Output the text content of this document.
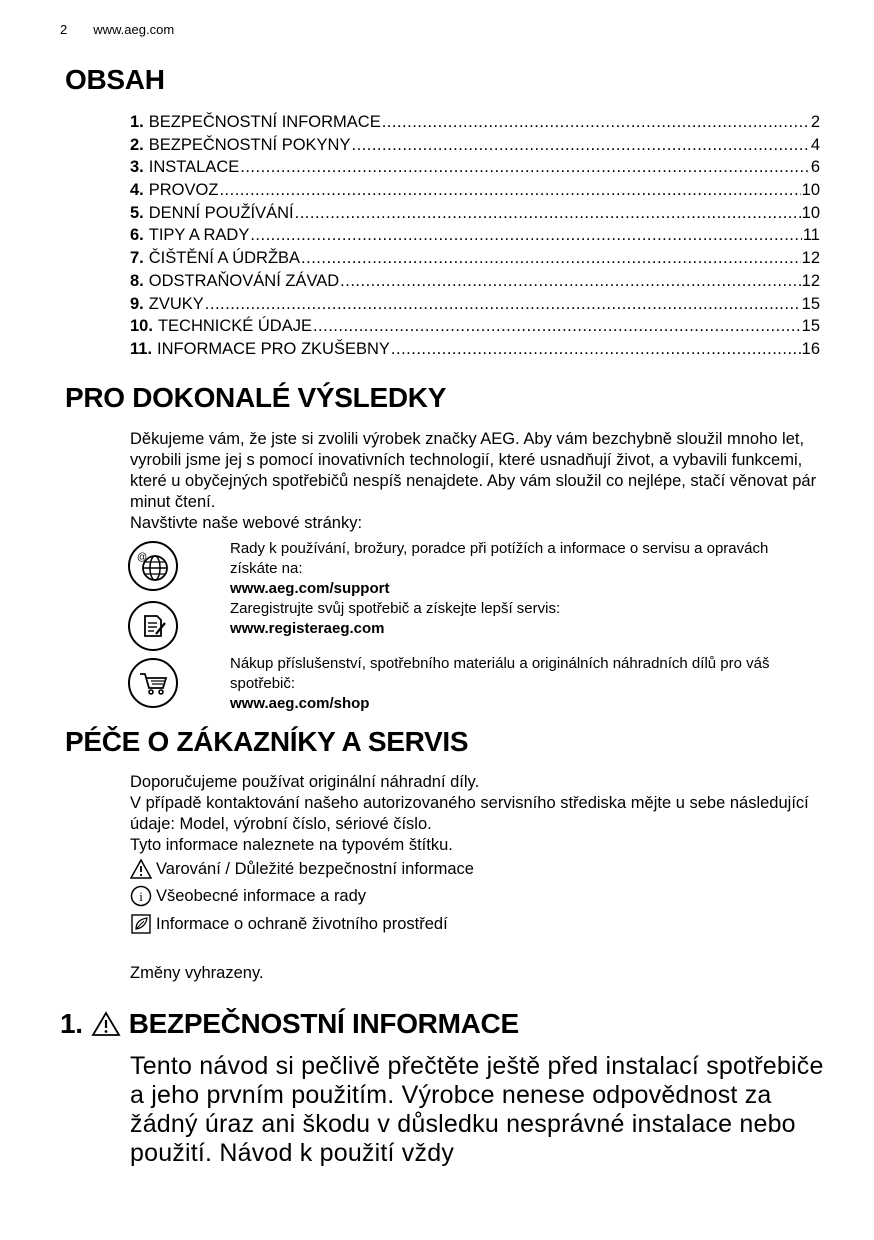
2 www.aeg.com
OBSAH
1. BEZPEČNOSTNÍ INFORMACE .....	2
2. BEZPEČNOSTNÍ POKYNY .....	4
3. INSTALACE .....	6
4. PROVOZ .....	10
5. DENNÍ POUŽÍVÁNÍ .....	10
6. TIPY A RADY .....	11
7. ČIŠTĚNÍ A ÚDRŽBA .....	12
8. ODSTRAŇOVÁNÍ ZÁVAD .....	12
9. ZVUKY .....	15
10. TECHNICKÉ ÚDAJE .....	15
11. INFORMACE PRO ZKUŠEBNY .....	16
PRO DOKONALÉ VÝSLEDKY
Děkujeme vám, že jste si zvolili výrobek značky AEG. Aby vám bezchybně sloužil mnoho let, vyrobili jsme jej s pomocí inovativních technologií, které usnadňují život, a vybavili funkcemi, které u obyčejných spotřebičů nespíš nenajdete. Aby vám sloužil co nejlépe, stačí věnovat pár minut čtení.
Navštivte naše webové stránky:
@
Rady k používání, brožury, poradce při potížích a informace o servisu a opravách získáte na:
www.aeg.com/support
Zaregistrujte svůj spotřebič a získejte lepší servis:
www.registeraeg.com
Nákup příslušenství, spotřebního materiálu a originálních náhradních dílů pro váš spotřebič:
www.aeg.com/shop
PÉČE O ZÁKAZNÍKY A SERVIS
Doporučujeme používat originální náhradní díly.
V případě kontaktování našeho autorizovaného servisního střediska mějte u sebe následující údaje: Model, výrobní číslo, sériové číslo.
Tyto informace naleznete na typovém štítku.
Varování / Důležité bezpečnostní informace
i Všeobecné informace a rady
Informace o ochraně životního prostředí
Změny vyhrazeny.
1. BEZPEČNOSTNÍ INFORMACE
Tento návod si pečlivě přečtěte ještě před instalací spotřebiče a jeho prvním použitím. Výrobce nenese odpovědnost za žádný úraz ani škodu v důsledku nesprávné instalace nebo použití. Návod k použití vždy
